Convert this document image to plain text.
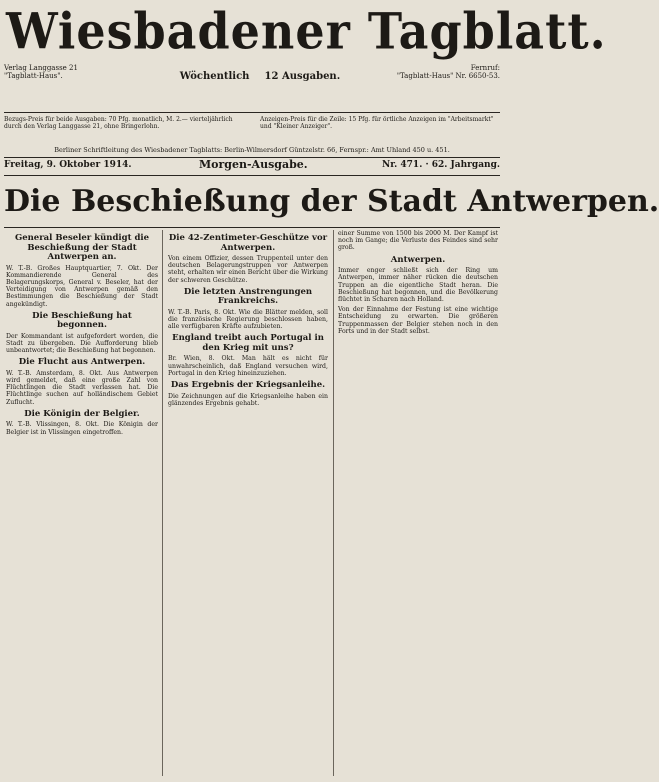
Wiesbadener Tagblatt.
Verlag Langgasse 21
"Tagblatt-Haus".	Wöchentlich 12 Ausgaben.
Fernruf:
"Tagblatt-Haus" Nr. 6650-53.
Bezugs-Preis für beide Ausgaben: 70 Pfg. monatlich, M. 2.— vierteljährlich durch den Verlag Langgasse 21, ohne Bringerlohn.
Anzeigen-Preis für die Zeile: 15 Pfg. für örtliche Anzeigen im "Arbeitsmarkt" und "Kleiner Anzeiger".
Berliner Schriftleitung des Wiesbadener Tagblatts: Berlin-Wilmersdorf Güntzelstr. 66, Fernspr.: Amt Uhland 450 u. 451.
Freitag, 9. Oktober 1914.	Morgen-Ausgabe.	Nr. 471. · 62. Jahrgang.
Die Beschießung der Stadt Antwerpen.
General Beseler kündigt die Beschießung der Stadt Antwerpen an.

W. T.-B. Großes Hauptquartier, 7. Okt. Der Kommandierende General des Belagerungskorps, General v. Beseler, hat der Verteidigung von Antwerpen gemäß den Bestimmungen die Beschießung der Stadt angekündigt.

Die Beschießung hat begonnen.

Der Kommandant ist aufgefordert worden, die Stadt zu übergeben. Die Aufforderung blieb unbeantwortet; die Beschießung hat begonnen.

Die Flucht aus Antwerpen.

W. T.-B. Amsterdam, 8. Okt. Aus Antwerpen wird gemeldet, daß eine große Zahl von Flüchtlingen die Stadt verlassen hat. Die Flüchtlinge suchen auf holländischem Gebiet Zuflucht.

Die Königin der Belgier.

W. T.-B. Vlissingen, 8. Okt. Die Königin der Belgier ist in Vlissingen eingetroffen.

Die 42-Zentimeter-Geschütze vor Antwerpen.

Von einem Offizier, dessen Truppenteil unter den deutschen Belagerungstruppen vor Antwerpen steht, erhalten wir einen Bericht über die Wirkung der schweren Geschütze.

Die letzten Anstrengungen Frankreichs.

W. T.-B. Paris, 8. Okt. Wie die Blätter melden, soll die französische Regierung beschlossen haben, alle verfügbaren Kräfte aufzubieten.

England treibt auch Portugal in den Krieg mit uns?

Br. Wien, 8. Okt. Man hält es nicht für unwahrscheinlich, daß England versuchen wird, Portugal in den Krieg hineinzuziehen.

Das Ergebnis der Kriegsanleihe.

Die Zeichnungen auf die Kriegsanleihe haben ein glänzendes Ergebnis gehabt.

einer Summe von 1500 bis 2000 M. Der Kampf ist noch im Gange; die Verluste des Feindes sind sehr groß.

Antwerpen.

Immer enger schließt sich der Ring um Antwerpen, immer näher rücken die deutschen Truppen an die eigentliche Stadt heran. Die Beschießung hat begonnen, und die Bevölkerung flüchtet in Scharen nach Holland.

Von der Einnahme der Festung ist eine wichtige Entscheidung zu erwarten. Die größeren Truppenmassen der Belgier stehen noch in den Forts und in der Stadt selbst.
